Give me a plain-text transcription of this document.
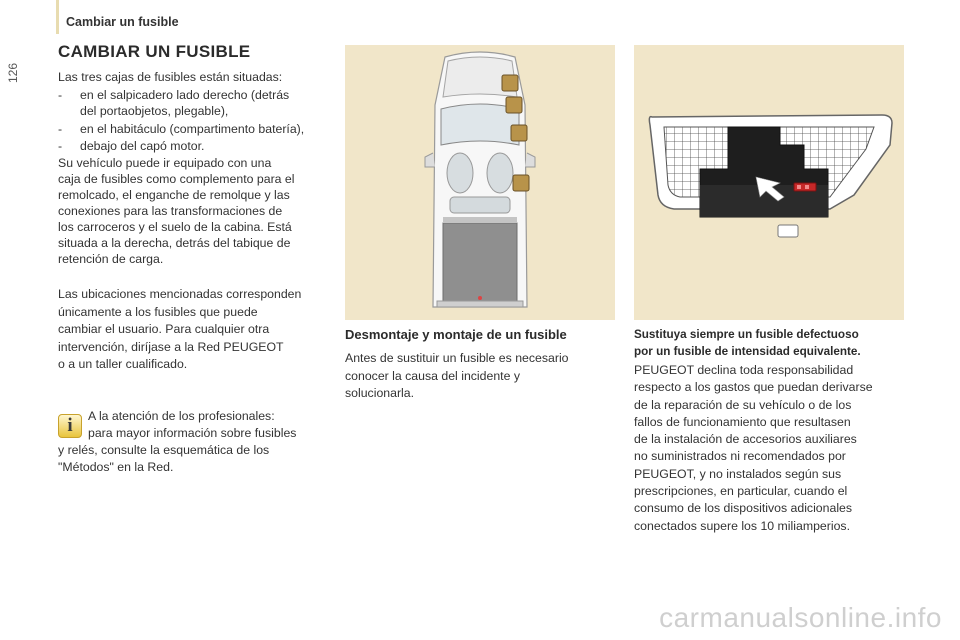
126
Cambiar un fusible
CAMBIAR UN FUSIBLE
Las tres cajas de fusibles están situadas:
- en el salpicadero lado derecho (detrás
del portaobjetos, plegable),
- en el habitáculo (compartimento batería),
- debajo del capó motor.
Su vehículo puede ir equipado con una
caja de fusibles como complemento para el
remolcado, el enganche de remolque y las
conexiones para las transformaciones de
los carroceros y el suelo de la cabina. Está
situada a la derecha, detrás del tabique de
retención de carga.
Las ubicaciones mencionadas corresponden
únicamente a los fusibles que puede
cambiar el usuario. Para cualquier otra
intervención, diríjase a la Red PEUGEOT
o a un taller cualificado.
i	A la atención de los profesionales:
para mayor información sobre fusibles
y relés, consulte la esquemática de los
"Métodos" en la Red.
Desmontaje y montaje de un fusible
Antes de sustituir un fusible es necesario
conocer la causa del incidente y
solucionarla.
Sustituya siempre un fusible defectuoso
por un fusible de intensidad equivalente.
PEUGEOT declina toda responsabilidad
respecto a los gastos que puedan derivarse
de la reparación de su vehículo o de los
fallos de funcionamiento que resultasen
de la instalación de accesorios auxiliares
no suministrados ni recomendados por
PEUGEOT, y no instalados según sus
prescripciones, en particular, cuando el
consumo de los dispositivos adicionales
conectados supere los 10 miliamperios.
carmanualsonline.info
